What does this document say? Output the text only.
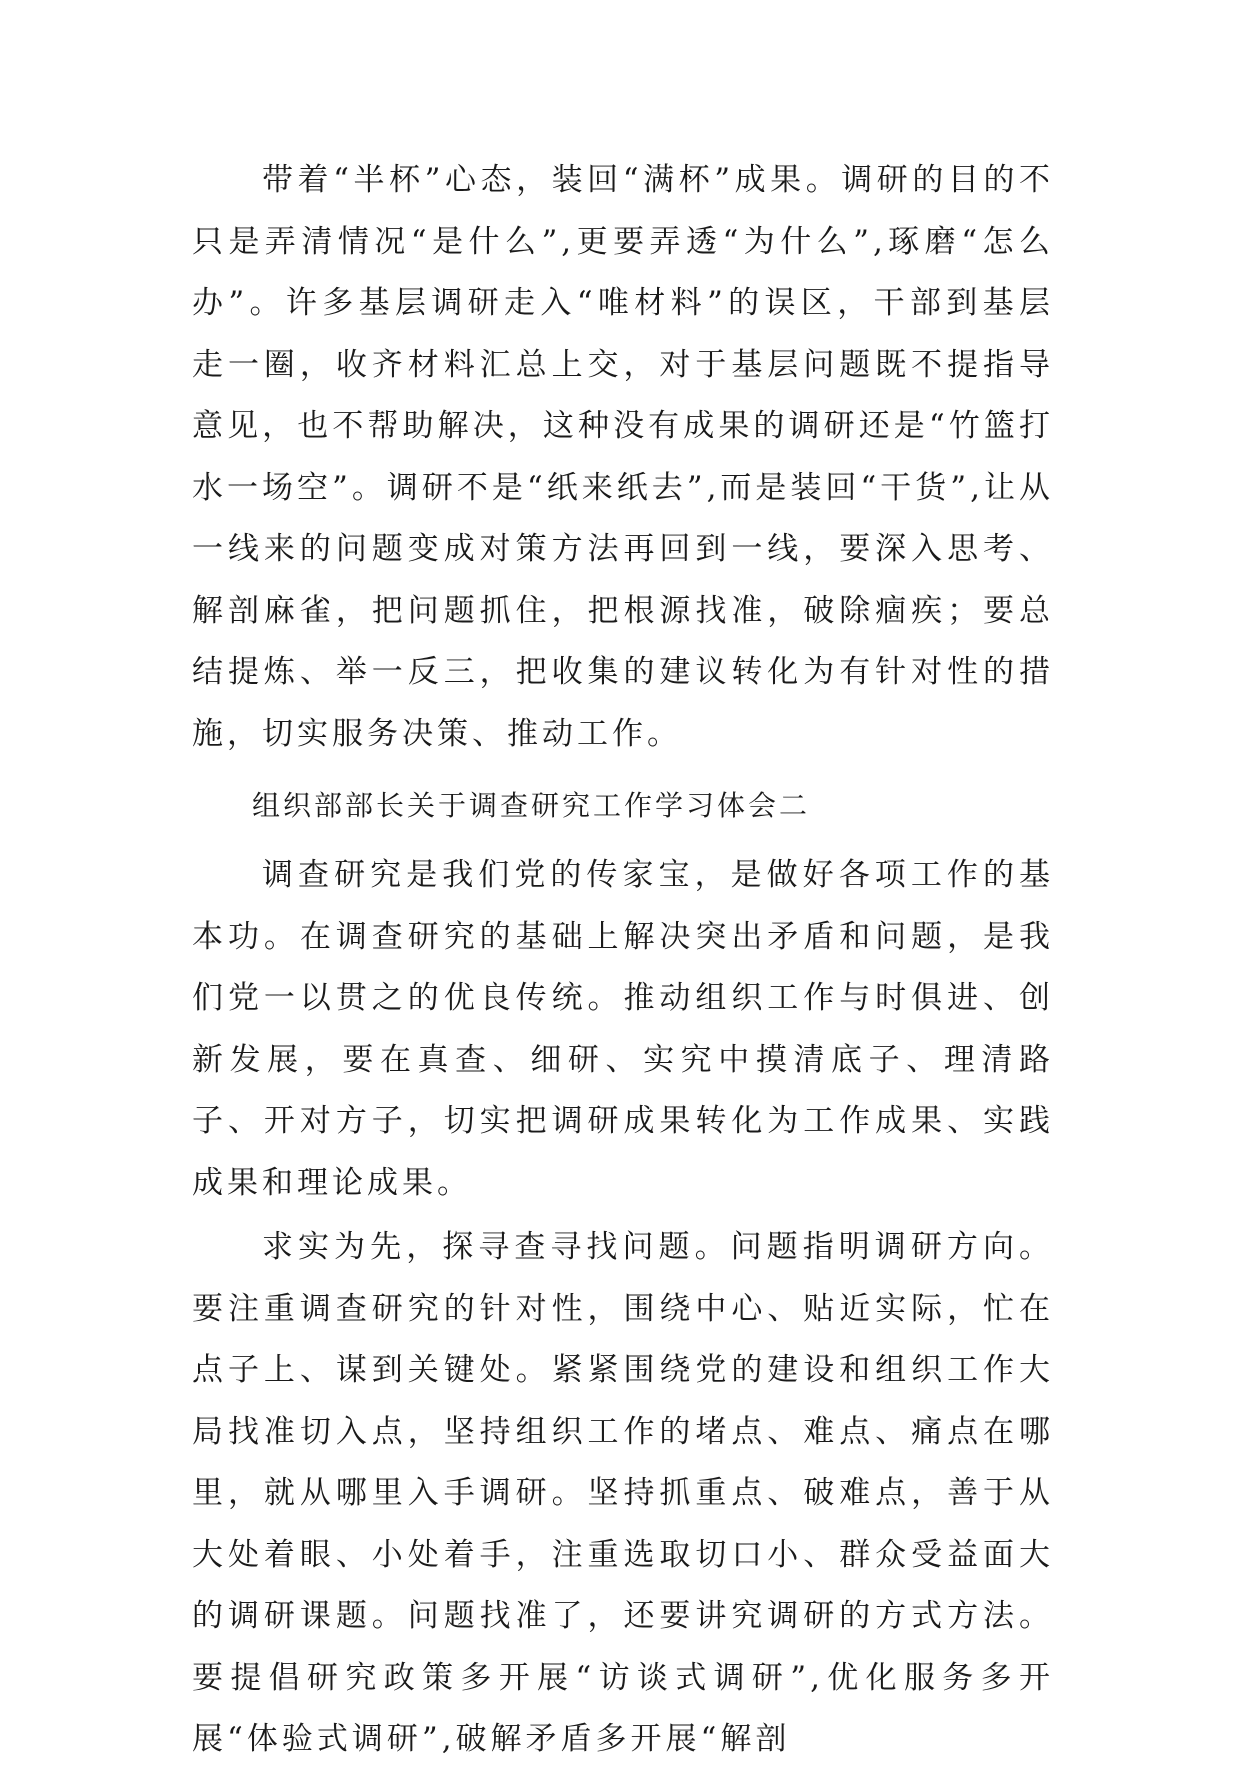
带着“半杯”心态，装回“满杯”成果。调研的目的不只是弄清情况“是什么”,更要弄透“为什么”,琢磨“怎么办”。许多基层调研走入“唯材料”的误区，干部到基层走一圈，收齐材料汇总上交，对于基层问题既不提指导意见，也不帮助解决，这种没有成果的调研还是“竹篮打水一场空”。调研不是“纸来纸去”,而是装回“干货”,让从一线来的问题变成对策方法再回到一线，要深入思考、解剖麻雀，把问题抓住，把根源找准，破除痼疾；要总结提炼、举一反三，把收集的建议转化为有针对性的措施，切实服务决策、推动工作。

组织部部长关于调查研究工作学习体会二

调查研究是我们党的传家宝，是做好各项工作的基本功。在调查研究的基础上解决突出矛盾和问题，是我们党一以贯之的优良传统。推动组织工作与时俱进、创新发展，要在真查、细研、实究中摸清底子、理清路子、开对方子，切实把调研成果转化为工作成果、实践成果和理论成果。

求实为先，探寻查寻找问题。问题指明调研方向。要注重调查研究的针对性，围绕中心、贴近实际，忙在点子上、谋到关键处。紧紧围绕党的建设和组织工作大局找准切入点，坚持组织工作的堵点、难点、痛点在哪里，就从哪里入手调研。坚持抓重点、破难点，善于从大处着眼、小处着手，注重选取切口小、群众受益面大的调研课题。问题找准了，还要讲究调研的方式方法。要提倡研究政策多开展“访谈式调研”,优化服务多开展“体验式调研”,破解矛盾多开展“解剖
